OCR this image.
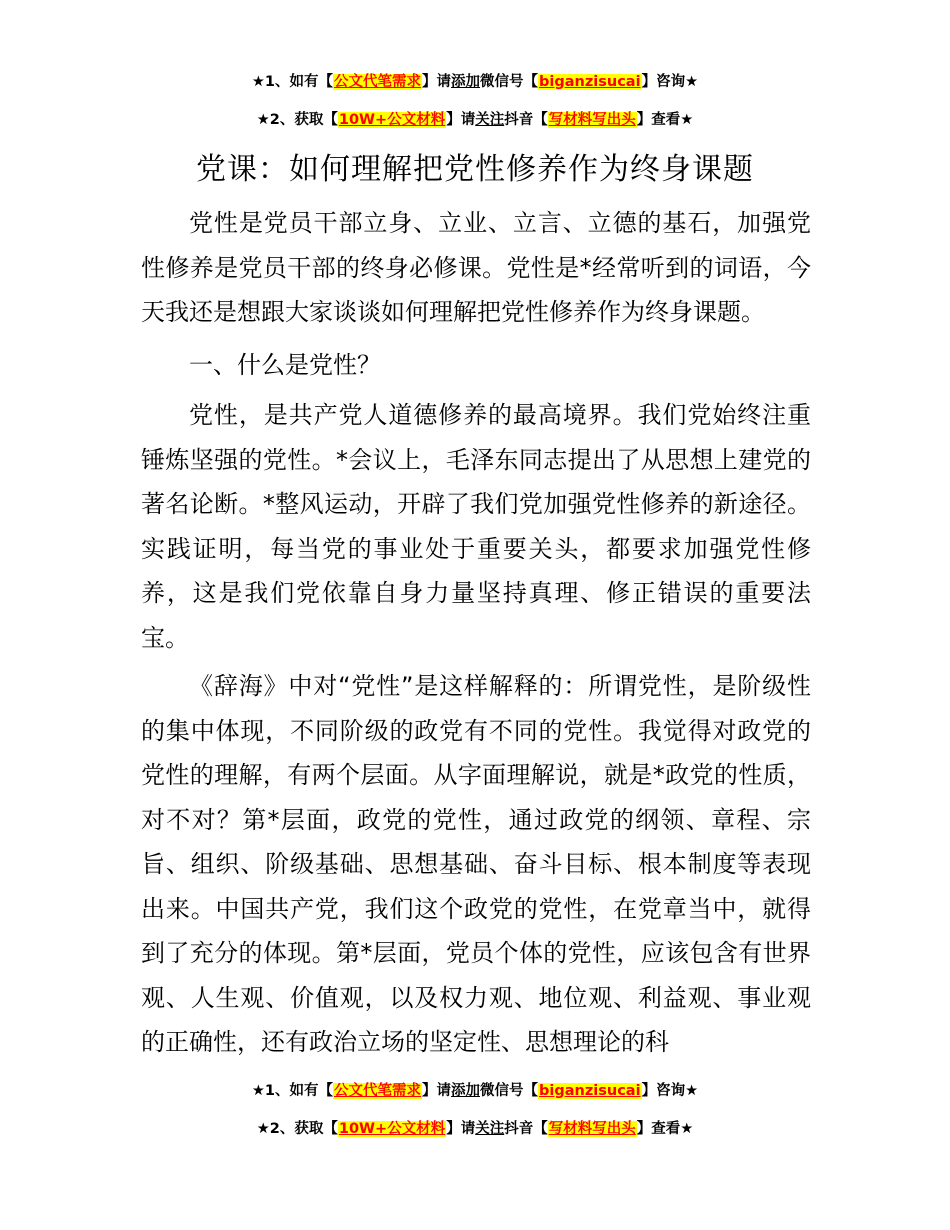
★1、如有【公文代笔需求】请添加微信号【biganzisucai】咨询★
★2、获取【10W+公文材料】请关注抖音【写材料写出头】查看★
党课：如何理解把党性修养作为终身课题
党性是党员干部立身、立业、立言、立德的基石，加强党性修养是党员干部的终身必修课。党性是*经常听到的词语，今天我还是想跟大家谈谈如何理解把党性修养作为终身课题。
一、什么是党性？
党性，是共产党人道德修养的最高境界。我们党始终注重锤炼坚强的党性。*会议上，毛泽东同志提出了从思想上建党的著名论断。*整风运动，开辟了我们党加强党性修养的新途径。实践证明，每当党的事业处于重要关头，都要求加强党性修养，这是我们党依靠自身力量坚持真理、修正错误的重要法宝。
《辞海》中对“党性”是这样解释的：所谓党性，是阶级性的集中体现，不同阶级的政党有不同的党性。我觉得对政党的党性的理解，有两个层面。从字面理解说，就是*政党的性质，对不对？第*层面，政党的党性，通过政党的纲领、章程、宗旨、组织、阶级基础、思想基础、奋斗目标、根本制度等表现出来。中国共产党，我们这个政党的党性，在党章当中，就得到了充分的体现。第*层面，党员个体的党性，应该包含有世界观、人生观、价值观，以及权力观、地位观、利益观、事业观的正确性，还有政治立场的坚定性、思想理论的科
★1、如有【公文代笔需求】请添加微信号【biganzisucai】咨询★
★2、获取【10W+公文材料】请关注抖音【写材料写出头】查看★
